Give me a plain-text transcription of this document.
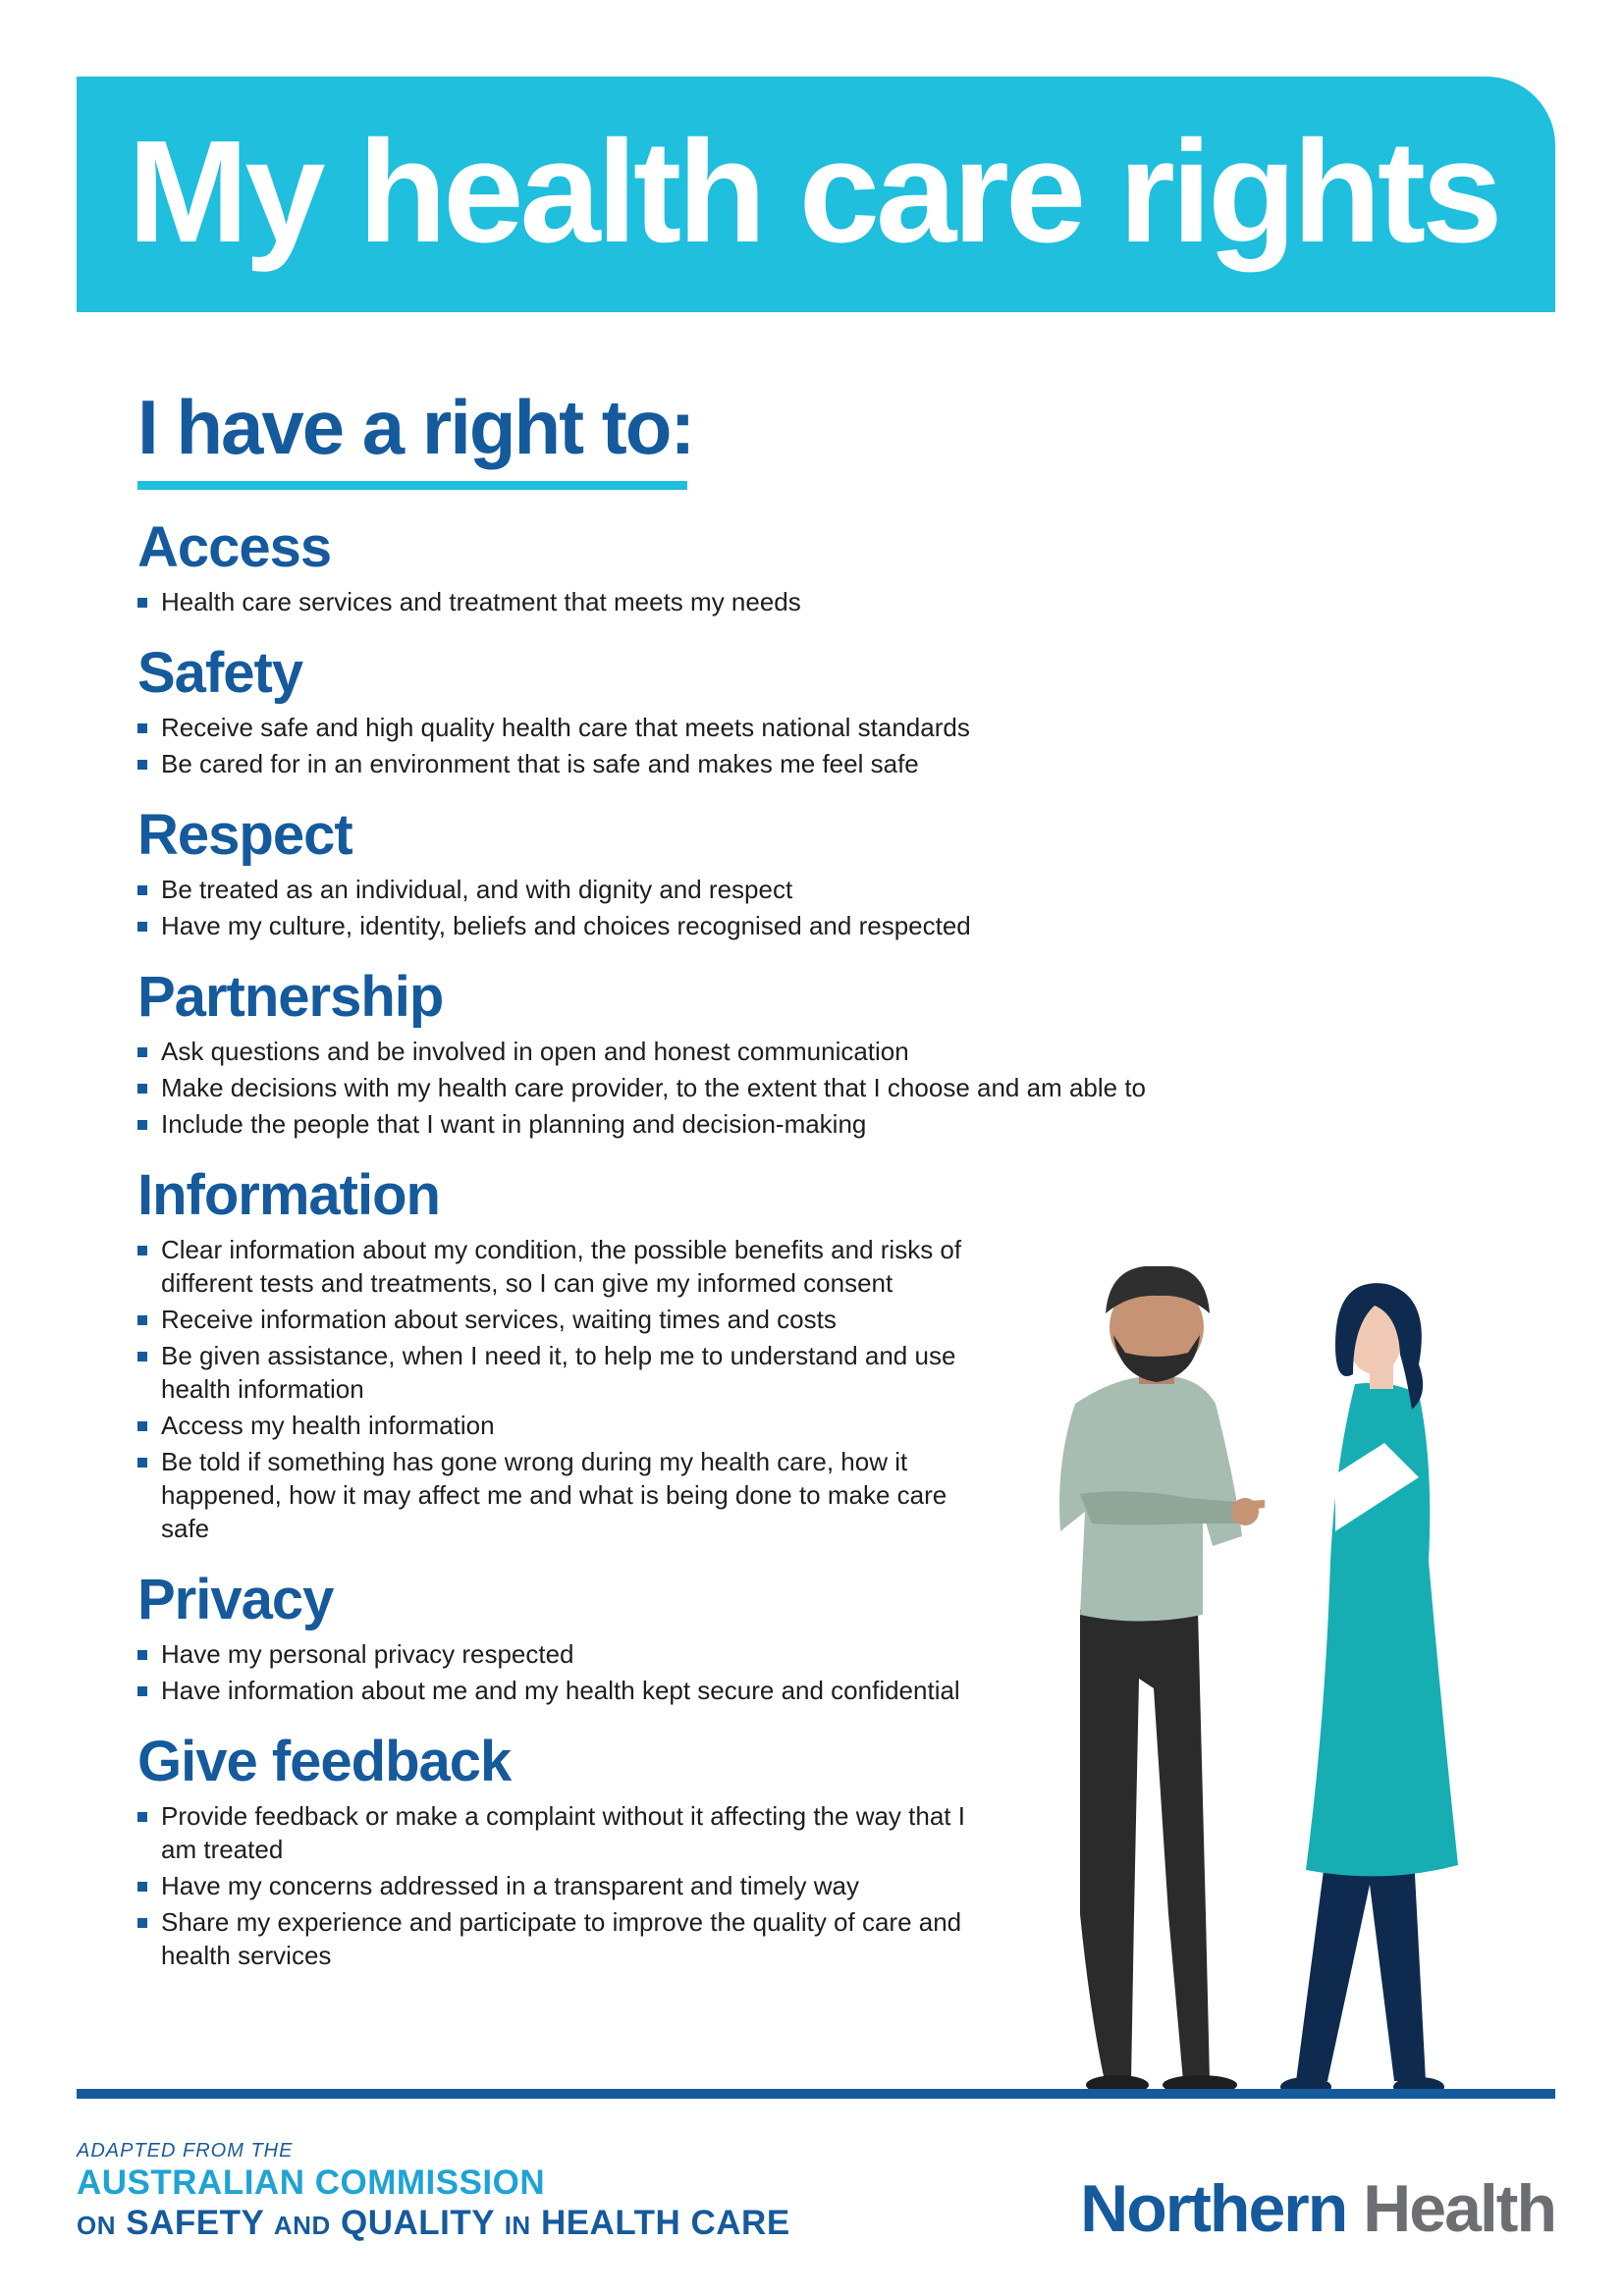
My health care rights
I have a right to:
Access
Health care services and treatment that meets my needs
Safety
Receive safe and high quality health care that meets national standards
Be cared for in an environment that is safe and makes me feel safe
Respect
Be treated as an individual, and with dignity and respect
Have my culture, identity, beliefs and choices recognised and respected
Partnership
Ask questions and be involved in open and honest communication
Make decisions with my health care provider, to the extent that I choose and am able to
Include the people that I want in planning and decision-making
Information
Clear information about my condition, the possible benefits and risks of different tests and treatments, so I can give my informed consent
Receive information about services, waiting times and costs
Be given assistance, when I need it, to help me to understand and use health information
Access my health information
Be told if something has gone wrong during my health care, how it happened, how it may affect me and what is being done to make care safe
Privacy
Have my personal privacy respected
Have information about me and my health kept secure and confidential
Give feedback
Provide feedback or make a complaint without it affecting the way that I am treated
Have my concerns addressed in a transparent and timely way
Share my experience and participate to improve the quality of care and health services
ADAPTED FROM THE
AUSTRALIAN COMMISSION
ON SAFETY AND QUALITY IN HEALTH CARE	Northern Health
